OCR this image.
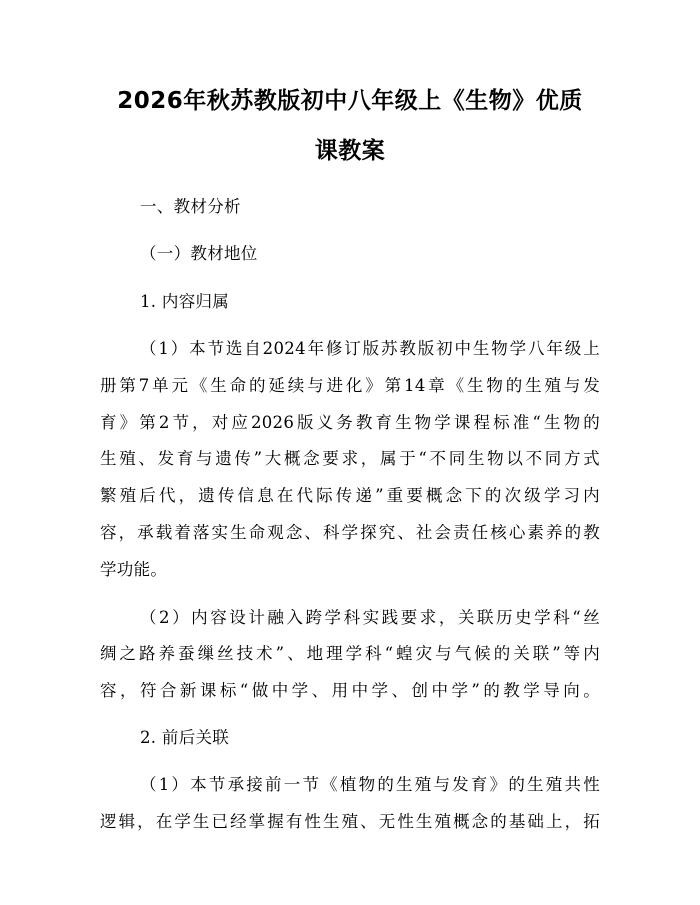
2026年秋苏教版初中八年级上《生物》优质
课教案
一、教材分析
（一）教材地位
1. 内容归属
（1）本节选自2024年修订版苏教版初中生物学八年级上
册第7单元《生命的延续与进化》第14章《生物的生殖与发
育》第2节，对应2026版义务教育生物学课程标准“生物的
生殖、发育与遗传”大概念要求，属于“不同生物以不同方式
繁殖后代，遗传信息在代际传递”重要概念下的次级学习内
容，承载着落实生命观念、科学探究、社会责任核心素养的教
学功能。
（2）内容设计融入跨学科实践要求，关联历史学科“丝
绸之路养蚕缫丝技术”、地理学科“蝗灾与气候的关联”等内
容，符合新课标“做中学、用中学、创中学”的教学导向。
2. 前后关联
（1）本节承接前一节《植物的生殖与发育》的生殖共性
逻辑，在学生已经掌握有性生殖、无性生殖概念的基础上，拓
